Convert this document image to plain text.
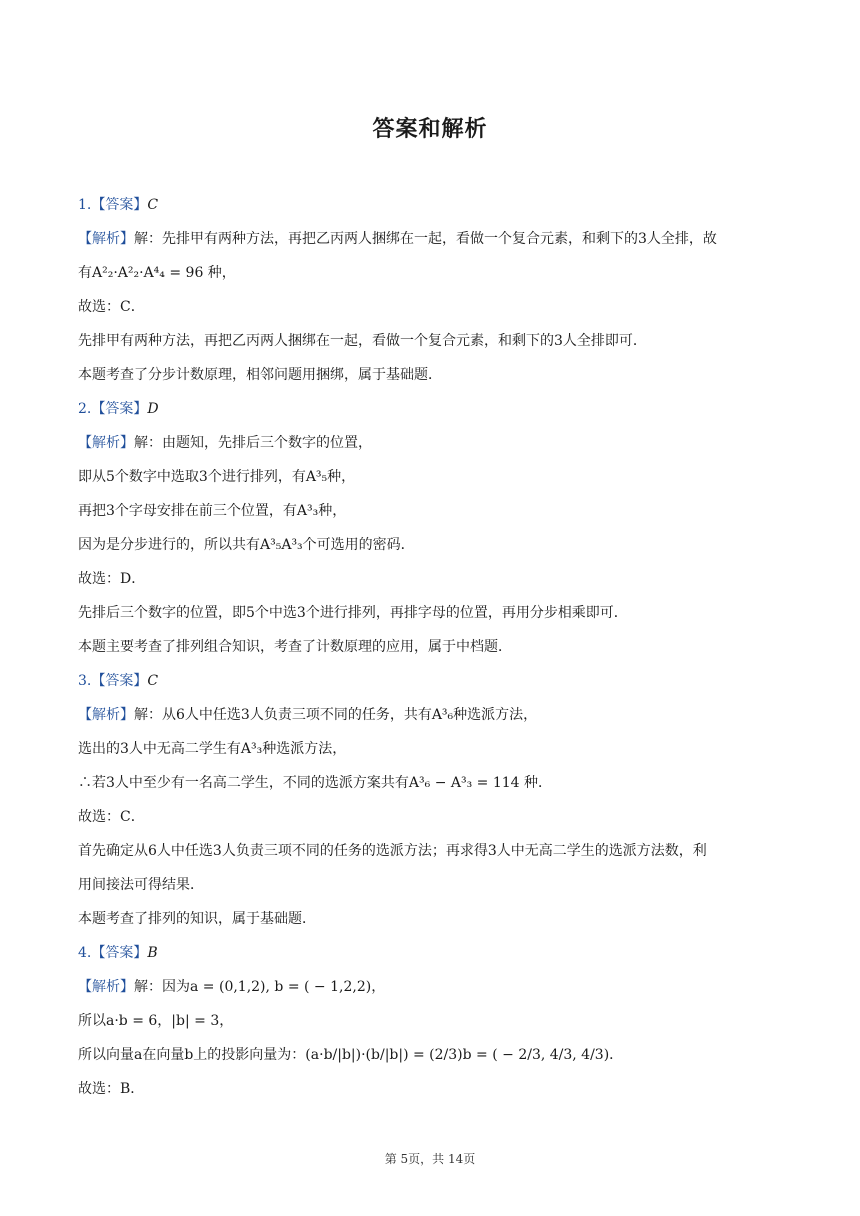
答案和解析
1.【答案】C
【解析】解：先排甲有两种方法，再把乙丙两人捆绑在一起，看做一个复合元素，和剩下的3人全排，故
有A²₂·A²₂·A⁴₄ = 96 种，
故选：C．
先排甲有两种方法，再把乙丙两人捆绑在一起，看做一个复合元素，和剩下的3人全排即可．
本题考查了分步计数原理，相邻问题用捆绑，属于基础题．
2.【答案】D
【解析】解：由题知，先排后三个数字的位置，
即从5个数字中选取3个进行排列，有A³₅种，
再把3个字母安排在前三个位置，有A³₃种，
因为是分步进行的，所以共有A³₅A³₃个可选用的密码．
故选：D．
先排后三个数字的位置，即5个中选3个进行排列，再排字母的位置，再用分步相乘即可．
本题主要考查了排列组合知识，考查了计数原理的应用，属于中档题．
3.【答案】C
【解析】解：从6人中任选3人负责三项不同的任务，共有A³₆种选派方法，
选出的3人中无高二学生有A³₃种选派方法，
∴若3人中至少有一名高二学生，不同的选派方案共有A³₆ − A³₃ = 114 种．
故选：C．
首先确定从6人中任选3人负责三项不同的任务的选派方法；再求得3人中无高二学生的选派方法数，利
用间接法可得结果．
本题考查了排列的知识，属于基础题．
4.【答案】B
【解析】解：因为a = (0,1,2), b = ( − 1,2,2)，
所以a·b = 6，|b| = 3，
所以向量a在向量b上的投影向量为：(a·b/|b|)·(b/|b|) = (2/3)b = ( − 2/3, 4/3, 4/3)．
故选：B．
第 5页，共 14页
